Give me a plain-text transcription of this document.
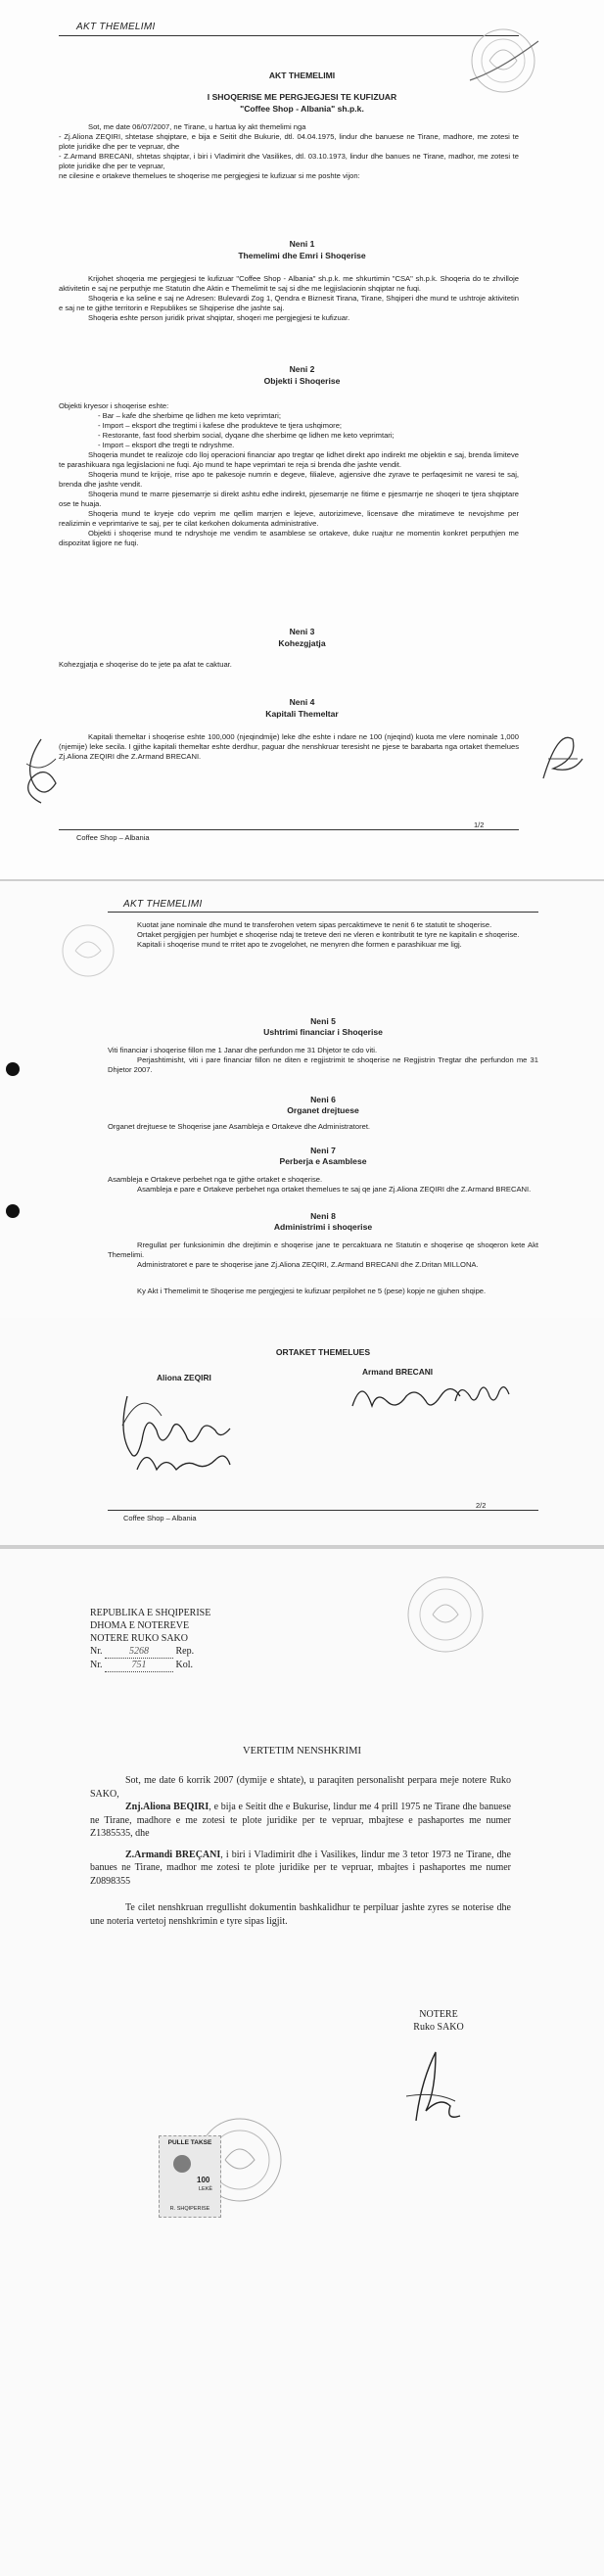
AKT THEMELIMI
AKT THEMELIMI
I SHOQERISE ME PERGJEGJESI TE KUFIZUAR
"Coffee Shop - Albania" sh.p.k.
Sot, me date 06/07/2007, ne Tirane, u hartua ky akt themelimi nga
- Zj.Aliona ZEQIRI, shtetase shqiptare, e bija e Seitit dhe Bukurie, dtl. 04.04.1975, lindur dhe banuese ne Tirane, madhore, me zotesi te plote juridike dhe per te vepruar, dhe
- Z.Armand BRECANI, shtetas shqiptar, i biri i Vladimirit dhe Vasilikes, dtl. 03.10.1973, lindur dhe banues ne Tirane, madhor, me zotesi te plote juridike dhe per te vepruar,
ne cilesine e ortakeve themelues te shoqerise me pergjegjesi te kufizuar si me poshte vijon:
Neni 1
Themelimi dhe Emri i Shoqerise
Krijohet shoqeria me pergjegjesi te kufizuar "Coffee Shop - Albania" sh.p.k. me shkurtimin "CSA" sh.p.k. Shoqeria do te zhvilloje aktivitetin e saj ne perputhje me Statutin dhe Aktin e Themelimit te saj si dhe me legjislacionin shqiptar ne fuqi.
Shoqeria e ka seline e saj ne Adresen: Bulevardi Zog 1, Qendra e Biznesit Tirana, Tirane, Shqiperi dhe mund te ushtroje aktivitetin e saj ne te gjithe territorin e Republikes se Shqiperise dhe jashte saj.
Shoqeria eshte person juridik privat shqiptar, shoqeri me pergjegjesi te kufizuar.
Neni 2
Objekti i Shoqerise
Objekti kryesor i shoqerise eshte:
- Bar – kafe dhe sherbime qe lidhen me keto veprimtari;
- Import – eksport dhe tregtimi i kafese dhe produkteve te tjera ushqimore;
- Restorante, fast food sherbim social, dyqane dhe sherbime qe lidhen me keto veprimtari;
- Import – eksport dhe tregti te ndryshme.
Shoqeria mundet te realizoje cdo lloj operacioni financiar apo tregtar qe lidhet direkt apo indirekt me objektin e saj, brenda limiteve te parashikuara nga legjislacioni ne fuqi. Ajo mund te hape veprimtari te reja si brenda dhe jashte vendit.
Shoqeria mund te krijoje, rrise apo te pakesoje numrin e degeve, filialeve, agjensive dhe zyrave te perfaqesimit ne varesi te saj, brenda dhe jashte vendit.
Shoqeria mund te marre pjesemarrje si direkt ashtu edhe indirekt, pjesemarrje ne fitime e pjesmarrje ne shoqeri te tjera shqiptare ose te huaja.
Shoqeria mund te kryeje cdo veprim me qellim marrjen e lejeve, autorizimeve, licensave dhe miratimeve te nevojshme per realizimin e veprimtarive te saj, per te cilat kerkohen dokumenta administrative.
Objekti i shoqerise mund te ndryshoje me vendim te asamblese se ortakeve, duke ruajtur ne momentin konkret perputhjen me dispozitat ligjore ne fuqi.
Neni 3
Kohezgjatja
Kohezgjatja e shoqerise do te jete pa afat te caktuar.
Neni 4
Kapitali Themeltar
Kapitali themeltar i shoqerise eshte 100,000 (njeqindmije) leke dhe eshte i ndare ne 100 (njeqind) kuota me vlere nominale 1,000 (njemije) leke secila. I gjithe kapitali themeltar eshte derdhur, paguar dhe nenshkruar teresisht ne pjese te barabarta nga ortaket themelues Zj.Aliona ZEQIRI dhe Z.Armand BRECANI.
1/2
Coffee Shop – Albania
AKT THEMELIMI
Kuotat jane nominale dhe mund te transferohen vetem sipas percaktimeve te nenit 6 te statutit te shoqerise.
Ortaket pergjigjen per humbjet e shoqerise ndaj te treteve deri ne vleren e kontributit te tyre ne kapitalin e shoqerise.
Kapitali i shoqerise mund te rritet apo te zvogelohet, ne menyren dhe formen e parashikuar me ligj.
Neni 5
Ushtrimi financiar i Shoqerise
Viti financiar i shoqerise fillon me 1 Janar dhe perfundon me 31 Dhjetor te cdo viti.
Perjashtimisht, viti i pare financiar fillon ne diten e regjistrimit te shoqerise ne Regjistrin Tregtar dhe perfundon me 31 Dhjetor 2007.
Neni 6
Organet drejtuese
Organet drejtuese te Shoqerise jane Asambleja e Ortakeve dhe Administratoret.
Neni 7
Perberja e Asamblese
Asambleja e Ortakeve perbehet nga te gjithe ortaket e shoqerise.
Asambleja e pare e Ortakeve perbehet nga ortaket themelues te saj qe jane Zj.Aliona ZEQIRI dhe Z.Armand BRECANI.
Neni 8
Administrimi i shoqerise
Rregullat per funksionimin dhe drejtimin e shoqerise jane te percaktuara ne Statutin e shoqerise qe shoqeron kete Akt Themelimi.
Administratoret e pare te shoqerise jane Zj.Aliona ZEQIRI, Z.Armand BRECANI dhe Z.Dritan MILLONA.
Ky Akt i Themelimit te Shoqerise me pergjegjesi te kufizuar perpilohet ne 5 (pese) kopje ne gjuhen shqipe.
ORTAKET THEMELUES
Aliona ZEQIRI
Armand BRECANI
2/2
Coffee Shop – Albania
REPUBLIKA E SHQIPERISE
DHOMA E NOTEREVE
NOTERE RUKO SAKO
Nr.	5268	Rep.
Nr.	751	Kol.
VERTETIM NENSHKRIMI
Sot, me date 6 korrik 2007 (dymije e shtate), u paraqiten personalisht perpara meje notere Ruko SAKO,
Znj.Aliona BEQIRI, e bija e Seitit dhe e Bukurise, lindur me 4 prill 1975 ne Tirane dhe banuese ne Tirane, madhore e me zotesi te plote juridike per te vepruar, mbajtese e pashaportes me numer Z1385535, dhe
Z.Armandi BREÇANI, i biri i Vladimirit dhe i Vasilikes, lindur me 3 tetor 1973 ne Tirane, dhe banues ne Tirane, madhor me zotesi te plote juridike per te vepruar, mbajtes i pashaportes me numer Z0898355
Te cilet nenshkruan rregullisht dokumentin bashkalidhur te perpiluar jashte zyres se noterise dhe une noteria vertetoj nenshkrimin e tyre sipas ligjit.
NOTERE
Ruko SAKO
PULLE TAKSE
100
LEKË
R. SHQIPERISE
